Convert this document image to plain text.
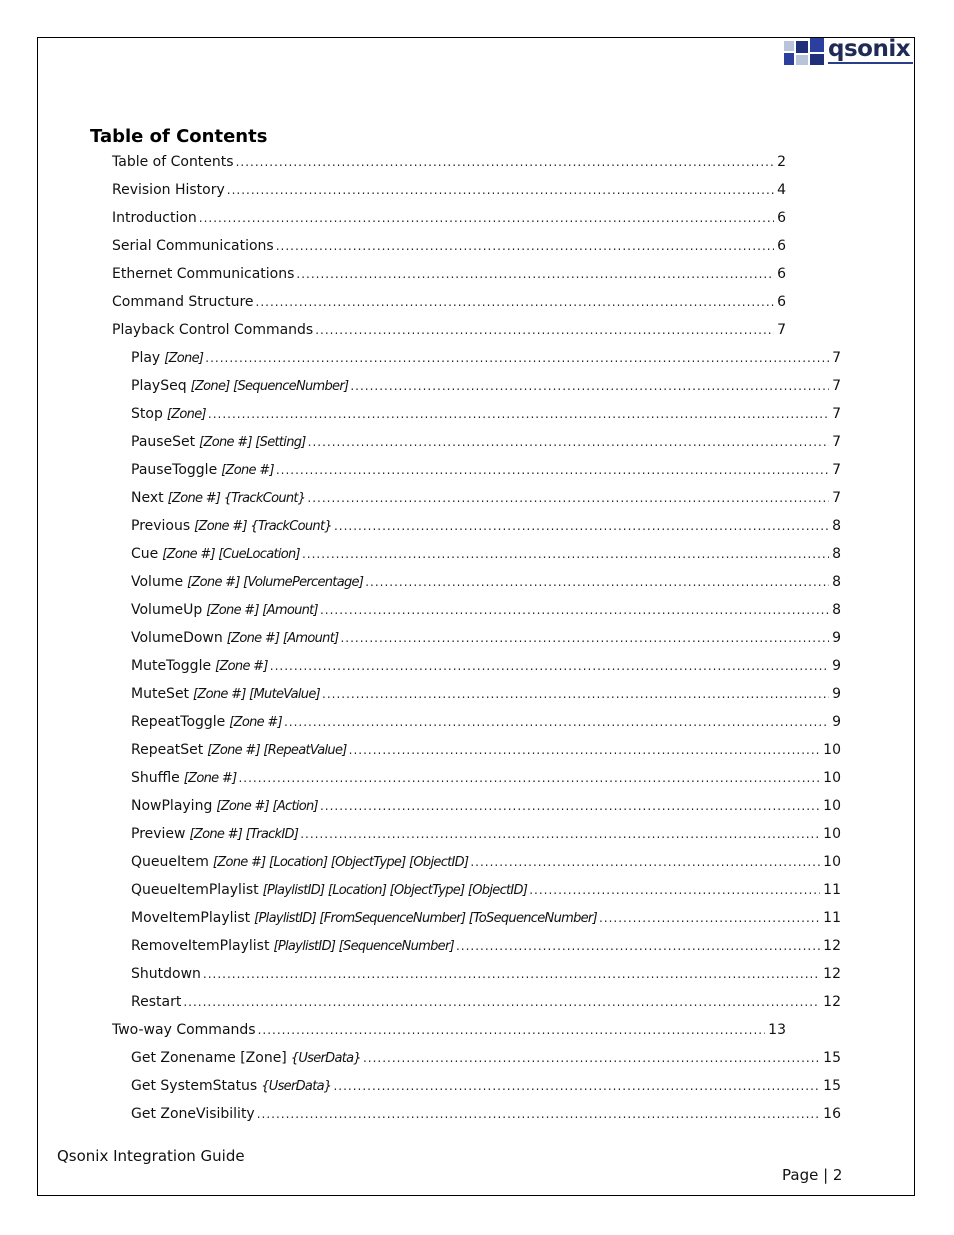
qsonix
Table of Contents
Table of Contents .....	2
Revision History .....	4
Introduction .....	6
Serial Communications .....	6
Ethernet Communications .....	6
Command Structure .....	6
Playback Control Commands .....	7
Play [Zone] .....	7
PlaySeq [Zone] [SequenceNumber] .....	7
Stop [Zone] .....	7
PauseSet [Zone #] [Setting] .....	7
PauseToggle [Zone #] .....	7
Next [Zone #] {TrackCount} .....	7
Previous [Zone #] {TrackCount} .....	8
Cue [Zone #] [CueLocation] .....	8
Volume [Zone #] [VolumePercentage] .....	8
VolumeUp [Zone #] [Amount] .....	8
VolumeDown [Zone #] [Amount] .....	9
MuteToggle [Zone #] .....	9
MuteSet [Zone #] [MuteValue] .....	9
RepeatToggle [Zone #] .....	9
RepeatSet [Zone #] [RepeatValue] .....	10
Shuffle [Zone #] .....	10
NowPlaying [Zone #] [Action] .....	10
Preview [Zone #] [TrackID] .....	10
QueueItem [Zone #] [Location] [ObjectType] [ObjectID] .....	10
QueueItemPlaylist [PlaylistID] [Location] [ObjectType] [ObjectID] .....	11
MoveItemPlaylist [PlaylistID] [FromSequenceNumber] [ToSequenceNumber] .....	11
RemoveItemPlaylist [PlaylistID] [SequenceNumber] .....	12
Shutdown .....	12
Restart .....	12
Two-way Commands .....	13
Get Zonename [Zone] {UserData} .....	15
Get SystemStatus {UserData} .....	15
Get ZoneVisibility .....	16
Qsonix Integration Guide
Page | 2
